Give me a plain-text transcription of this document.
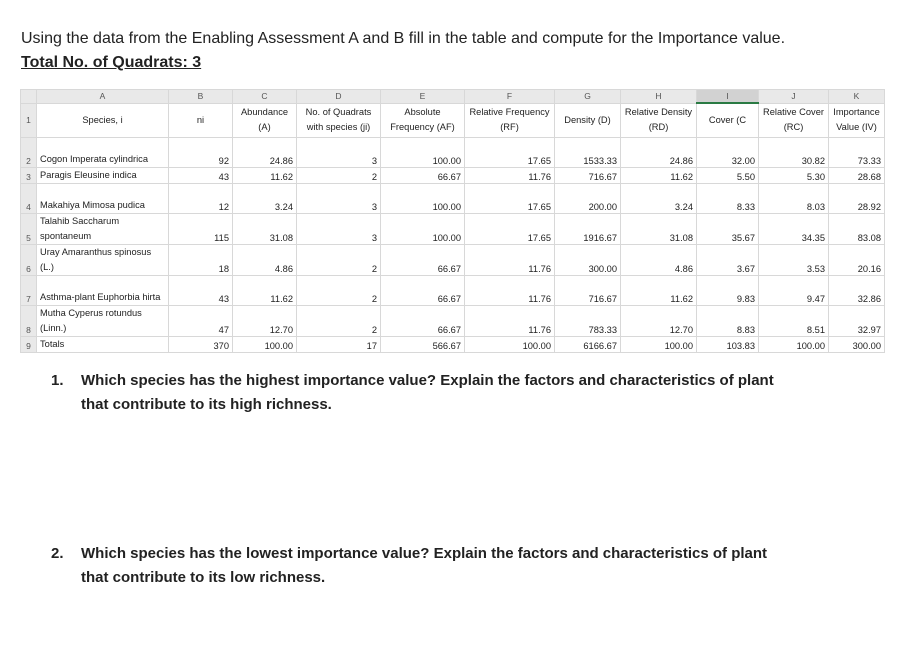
Using the data from the Enabling Assessment A and B fill in the table and compute for the Importance value. Total No. of Quadrats: 3
	A	B	C	D	E	F	G	H	I	J	K
1	Species, i	ni	Abundance (A)	No. of Quadrats with species (ji)	Absolute Frequency (AF)	Relative Frequency (RF)	Density (D)	Relative Density (RD)	Cover (C	Relative Cover (RC)	Importance Value (IV)
2	Cogon Imperata cylindrica	92	24.86	3	100.00	17.65	1533.33	24.86	32.00	30.82	73.33
3	Paragis Eleusine indica	43	11.62	2	66.67	11.76	716.67	11.62	5.50	5.30	28.68
4	Makahiya Mimosa pudica	12	3.24	3	100.00	17.65	200.00	3.24	8.33	8.03	28.92
5	Talahib Saccharum spontaneum	115	31.08	3	100.00	17.65	1916.67	31.08	35.67	34.35	83.08
6	Uray Amaranthus spinosus (L.)	18	4.86	2	66.67	11.76	300.00	4.86	3.67	3.53	20.16
7	Asthma-plant Euphorbia hirta	43	11.62	2	66.67	11.76	716.67	11.62	9.83	9.47	32.86
8	Mutha Cyperus rotundus (Linn.)	47	12.70	2	66.67	11.76	783.33	12.70	8.83	8.51	32.97
9	Totals	370	100.00	17	566.67	100.00	6166.67	100.00	103.83	100.00	300.00
1. Which species has the highest importance value? Explain the factors and characteristics of plant that contribute to its high richness.
2. Which species has the lowest importance value? Explain the factors and characteristics of plant that contribute to its low richness.
